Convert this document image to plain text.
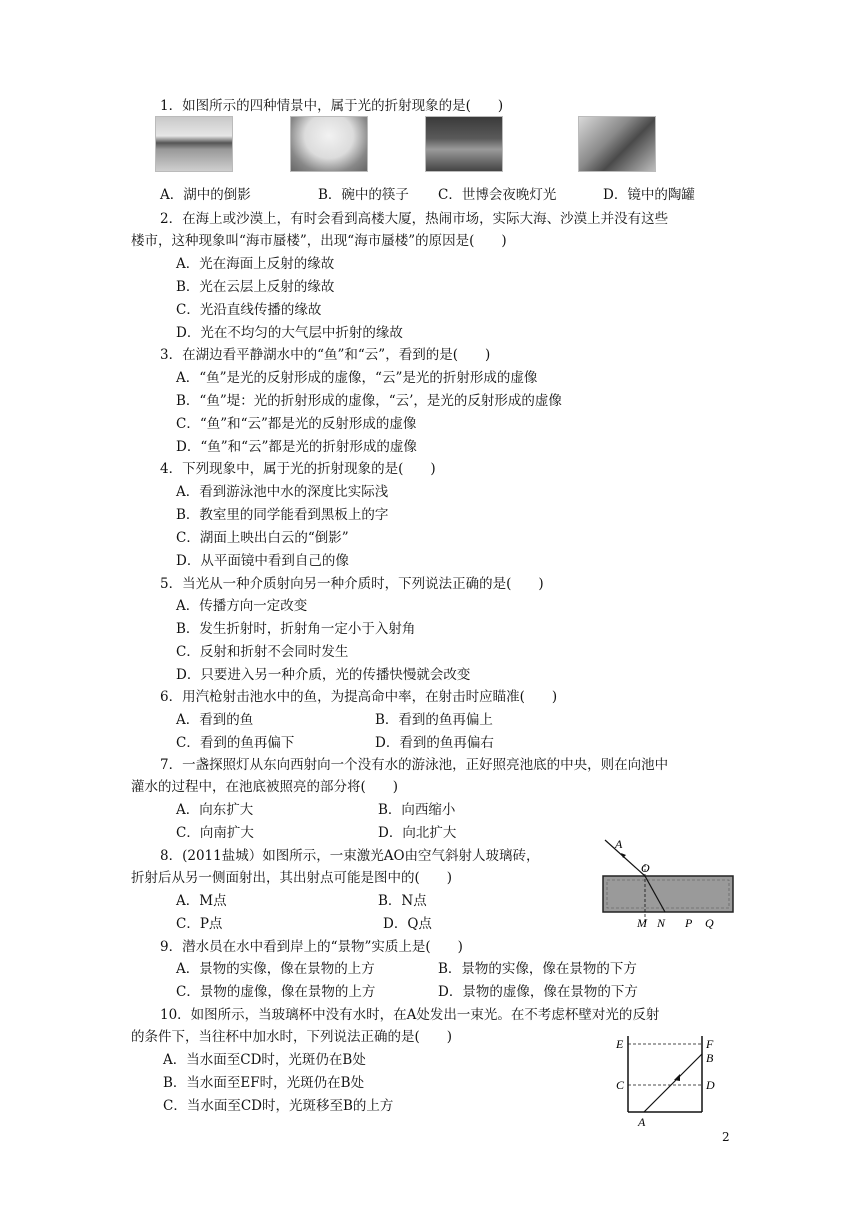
1．如图所示的四种情景中，属于光的折射现象的是(　　)
A．湖中的倒影	B．碗中的筷子 C．世博会夜晚灯光	D．镜中的陶罐
2．在海上或沙漠上，有时会看到高楼大厦，热闹市场，实际大海、沙漠上并没有这些
楼市，这种现象叫“海市蜃楼”，出现“海市蜃楼”的原因是(　　)
A．光在海面上反射的缘故
B．光在云层上反射的缘故
C．光沿直线传播的缘故
D．光在不均匀的大气层中折射的缘故
3．在湖边看平静湖水中的“鱼”和“云”，看到的是(　　)
A．“鱼”是光的反射形成的虚像，“云”是光的折射形成的虚像
B．“鱼”堤：光的折射形成的虚像，“云’，是光的反射形成的虚像
C．“鱼”和“云”都是光的反射形成的虚像
D．“鱼”和“云”都是光的折射形成的虚像
4．下列现象中，属于光的折射现象的是(　　)
A．看到游泳池中水的深度比实际浅
B．教室里的同学能看到黑板上的字
C．湖面上映出白云的“倒影”
D．从平面镜中看到自己的像
5．当光从一种介质射向另一种介质时，下列说法正确的是(　　)
A．传播方向一定改变
B．发生折射时，折射角一定小于入射角
C．反射和折射不会同时发生
D．只要进入另一种介质，光的传播快慢就会改变
6．用汽枪射击池水中的鱼，为提高命中率，在射击时应瞄准(　　)
A．看到的鱼	B．看到的鱼再偏上
C．看到的鱼再偏下	D．看到的鱼再偏右
7．一盏探照灯从东向西射向一个没有水的游泳池，正好照亮池底的中央，则在向池中
灌水的过程中，在池底被照亮的部分将(　　)
A．向东扩大	B．向西缩小
C．向南扩大	D．向北扩大
8．(2011盐城）如图所示，一束激光AO由空气斜射人玻璃砖，
折射后从另一侧面射出，其出射点可能是图中的(　　)
A．M点	B．N点
C．P点	D．Q点
A
O
M N P Q
9．潜水员在水中看到岸上的“景物”实质上是(　　)
A．景物的实像，像在景物的上方	B．景物的实像，像在景物的下方
C．景物的虚像，像在景物的上方	D．景物的虚像，像在景物的下方
10．如图所示，当玻璃杯中没有水时，在A处发出一束光。在不考虑杯壁对光的反射
的条件下，当往杯中加水时，下列说法正确的是(　　)
A．当水面至CD时，光斑仍在B处
B．当水面至EF时，光斑仍在B处
C．当水面至CD时，光斑移至B的上方
E	F
B
C	D
A
2
